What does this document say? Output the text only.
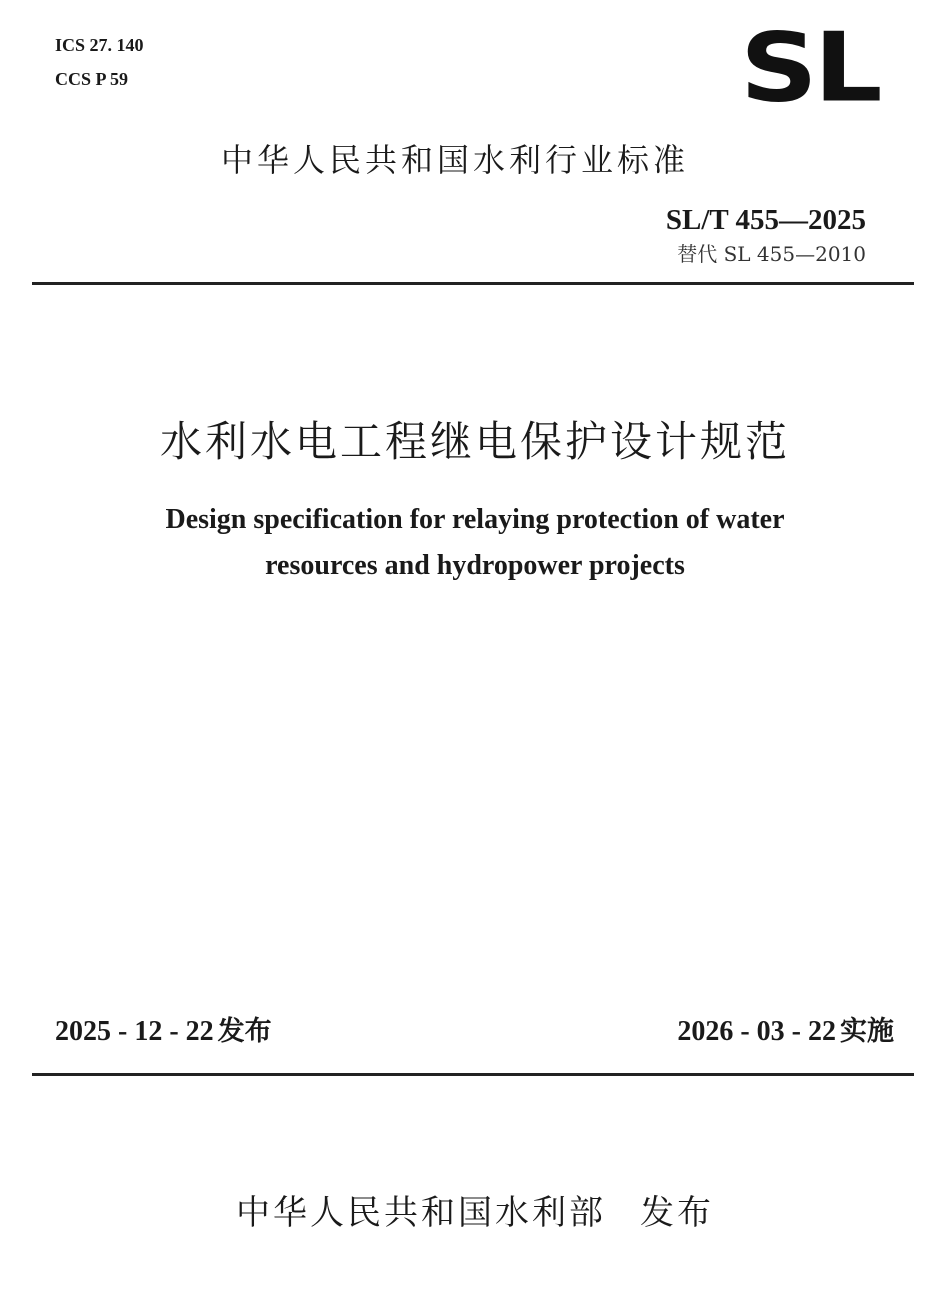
ICS 27. 140
CCS P 59	SL
中华人民共和国水利行业标准
SL/T 455—2025
替代 SL 455—2010
水利水电工程继电保护设计规范
Design specification for relaying protection of water
resources and hydropower projects
2025 - 12 - 22 发布	2026 - 03 - 22 实施
中华人民共和国水利部 发布
